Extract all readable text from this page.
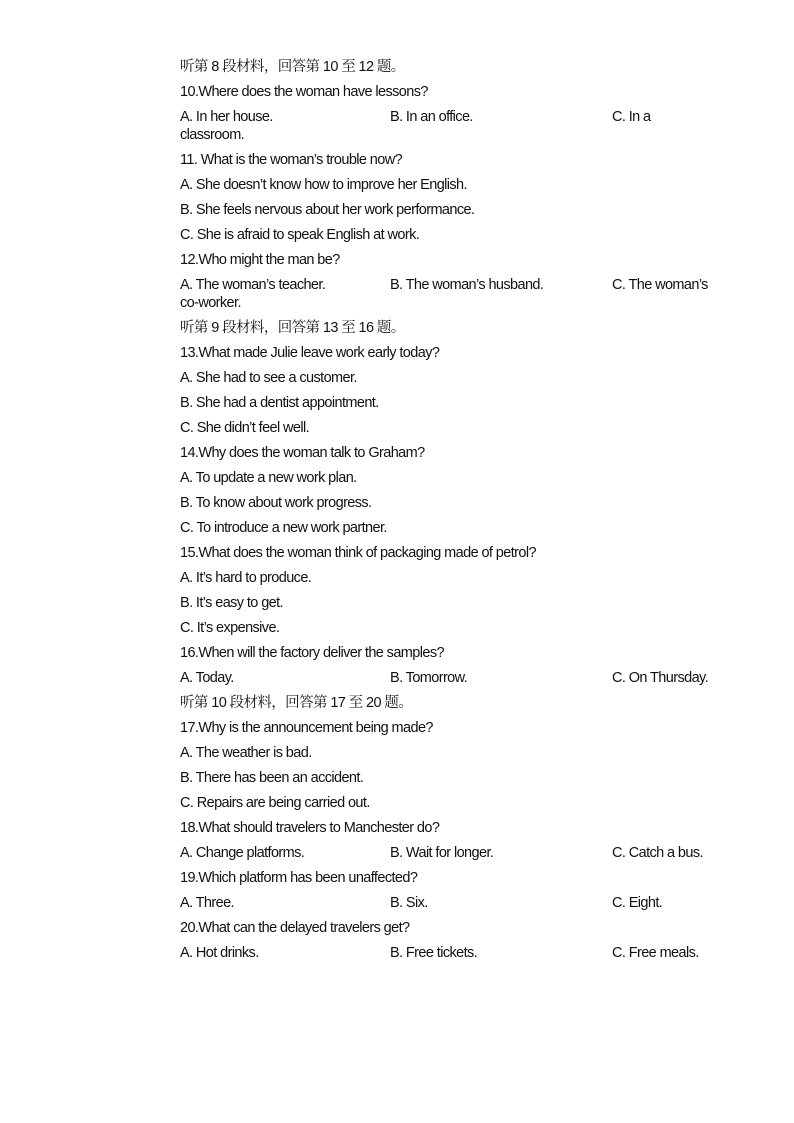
听第 8 段材料，回答第 10 至 12 题。
10.Where does the woman have lessons?
A. In her house.	B. In an office.	C. In a
classroom.
11. What is the woman’s trouble now?
A. She doesn’t know how to improve her English.
B. She feels nervous about her work performance.
C. She is afraid to speak English at work.
12.Who might the man be?
A. The woman’s teacher.	B. The woman’s husband.	C. The woman’s
co-worker.
听第 9 段材料，回答第 13 至 16 题。
13.What made Julie leave work early today?
A. She had to see a customer.
B. She had a dentist appointment.
C. She didn’t feel well.
14.Why does the woman talk to Graham?
A. To update a new work plan.
B. To know about work progress.
C. To introduce a new work partner.
15.What does the woman think of packaging made of petrol?
A. It’s hard to produce.
B. It’s easy to get.
C. It’s expensive.
16.When will the factory deliver the samples?
A. Today.	B. Tomorrow.	C. On Thursday.
听第 10 段材料，回答第 17 至 20 题。
17.Why is the announcement being made?
A. The weather is bad.
B. There has been an accident.
C. Repairs are being carried out.
18.What should travelers to Manchester do?
A. Change platforms.	B. Wait for longer.	C. Catch a bus.
19.Which platform has been unaffected?
A. Three.	B. Six.	C. Eight.
20.What can the delayed travelers get?
A. Hot drinks.	B. Free tickets.	C. Free meals.
